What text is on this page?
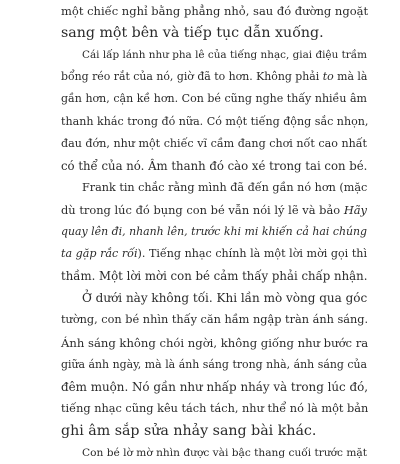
một chiếc nghỉ bằng phẳng nhỏ, sau đó đường ngoặt
sang một bên và tiếp tục dẫn xuống.
Cái lấp lánh như pha lê của tiếng nhạc, giai điệu trầm
bổng réo rắt của nó, giờ đã to hơn. Không phải to mà là
gần hơn, cận kề hơn. Con bé cũng nghe thấy nhiều âm
thanh khác trong đó nữa. Có một tiếng động sắc nhọn,
đau đớn, như một chiếc vĩ cầm đang chơi nốt cao nhất
có thể của nó. Âm thanh đó cào xé trong tai con bé.
Frank tin chắc rằng mình đã đến gần nó hơn (mặc
dù trong lúc đó bụng con bé vẫn nói lý lẽ và bảo Hãy
quay lên đi, nhanh lên, trước khi mi khiến cả hai chúng
ta gặp rắc rối). Tiếng nhạc chính là một lời mời gọi thì
thầm. Một lời mời con bé cảm thấy phải chấp nhận.
Ở dưới này không tối. Khi lần mò vòng qua góc
tường, con bé nhìn thấy căn hầm ngập tràn ánh sáng.
Ánh sáng không chói ngời, không giống như bước ra
giữa ánh ngày, mà là ánh sáng trong nhà, ánh sáng của
đêm muộn. Nó gần như nhấp nháy và trong lúc đó,
tiếng nhạc cũng kêu tách tách, như thể nó là một bản
ghi âm sắp sửa nhảy sang bài khác.
Con bé lờ mờ nhìn được vài bậc thang cuối trước mặt
